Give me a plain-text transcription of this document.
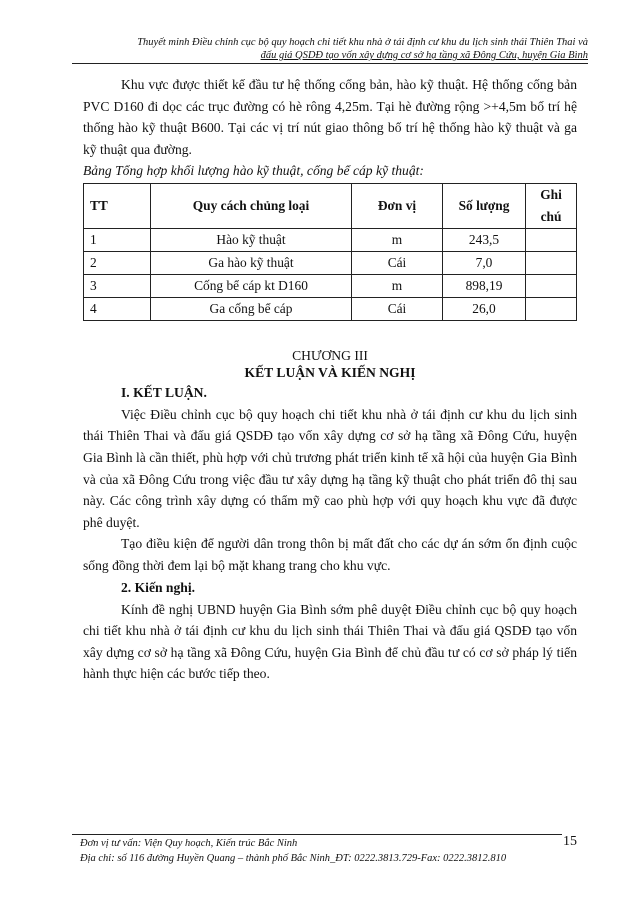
Thuyết minh Điều chỉnh cục bộ quy hoạch chi tiết khu nhà ở tái định cư khu du lịch sinh thái Thiên Thai và
đấu giá QSDĐ tạo vốn xây dựng cơ sở hạ tầng xã Đông Cứu, huyện Gia Bình

Khu vực được thiết kế đầu tư hệ thống cống bản, hào kỹ thuật. Hệ thống cống bản PVC D160 đi dọc các trục đường có hè rông 4,25m. Tại hè đường rộng >+4,5m bố trí hệ thống hào kỹ thuật B600. Tại các vị trí nút giao thông bố trí hệ thống hào kỹ thuật và ga kỹ thuật qua đường.

Bảng Tổng hợp khối lượng hào kỹ thuật, cống bể cáp kỹ thuật:

TT	Quy cách chủng loại	Đơn vị	Số lượng	Ghi chú
1	Hào kỹ thuật	m	243,5	
2	Ga hào kỹ thuật	Cái	7,0	
3	Cống bể cáp kt D160	m	898,19	
4	Ga cống bể cáp	Cái	26,0	

CHƯƠNG III

KẾT LUẬN VÀ KIẾN NGHỊ

I. KẾT LUẬN.

Việc Điều chỉnh cục bộ quy hoạch chi tiết khu nhà ở tái định cư khu du lịch sinh thái Thiên Thai và đấu giá QSDĐ tạo vốn xây dựng cơ sở hạ tầng xã Đông Cứu, huyện Gia Bình là cần thiết, phù hợp với chủ trương phát triển kinh tế xã hội của huyện Gia Bình và của xã Đông Cứu trong việc đầu tư xây dựng hạ tầng kỹ thuật cho phát triển đô thị sau này. Các công trình xây dựng có thẩm mỹ cao phù hợp với quy hoạch khu vực đã được phê duyệt.

Tạo điều kiện để người dân trong thôn bị mất đất cho các dự án sớm ổn định cuộc sống đồng thời đem lại bộ mặt khang trang cho khu vực.

2. Kiến nghị.

Kính đề nghị UBND huyện Gia Bình sớm phê duyệt Điều chỉnh cục bộ quy hoạch chi tiết khu nhà ở tái định cư khu du lịch sinh thái Thiên Thai và đấu giá QSDĐ tạo vốn xây dựng cơ sở hạ tầng xã Đông Cứu, huyện Gia Bình để chủ đầu tư có cơ sở pháp lý tiến hành thực hiện các bước tiếp theo.

Đơn vị tư vấn: Viện Quy hoạch, Kiến trúc Bắc Ninh
Địa chỉ: số 116 đường Huyền Quang – thành phố Bắc Ninh_ĐT: 0222.3813.729-Fax: 0222.3812.810
15
